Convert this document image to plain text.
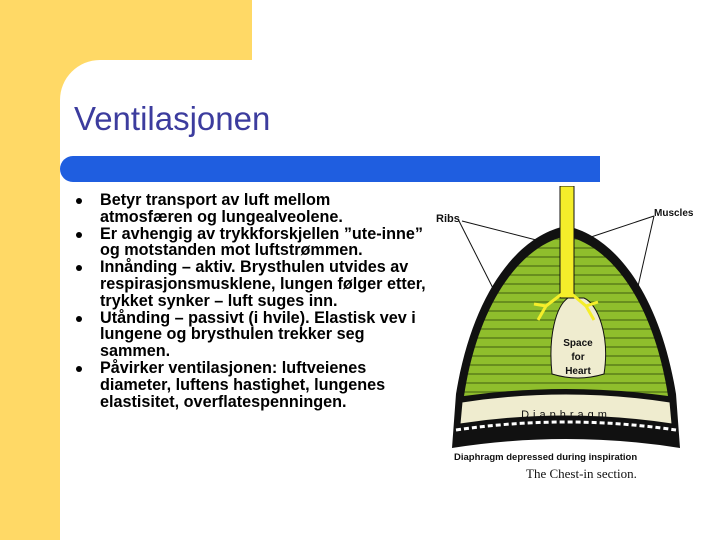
Ventilasjonen
Betyr transport av luft mellom atmosfæren og lungealveolene.
Er avhengig av trykkforskjellen ”ute-inne” og motstanden mot luftstrømmen.
Innånding – aktiv. Brysthulen utvides av respirasjonsmusklene, lungen følger etter, trykket synker – luft suges inn.
Utånding – passivt (i hvile). Elastisk vev i lungene og brysthulen trekker seg sammen.
Påvirker ventilasjonen: luftveienes diameter, luftens hastighet, lungenes elastisitet, overflatespenningen.
Ribs	Muscles
Space
for
Heart
Diaphragm
Diaphragm depressed during inspiration
The Chest-in section.
